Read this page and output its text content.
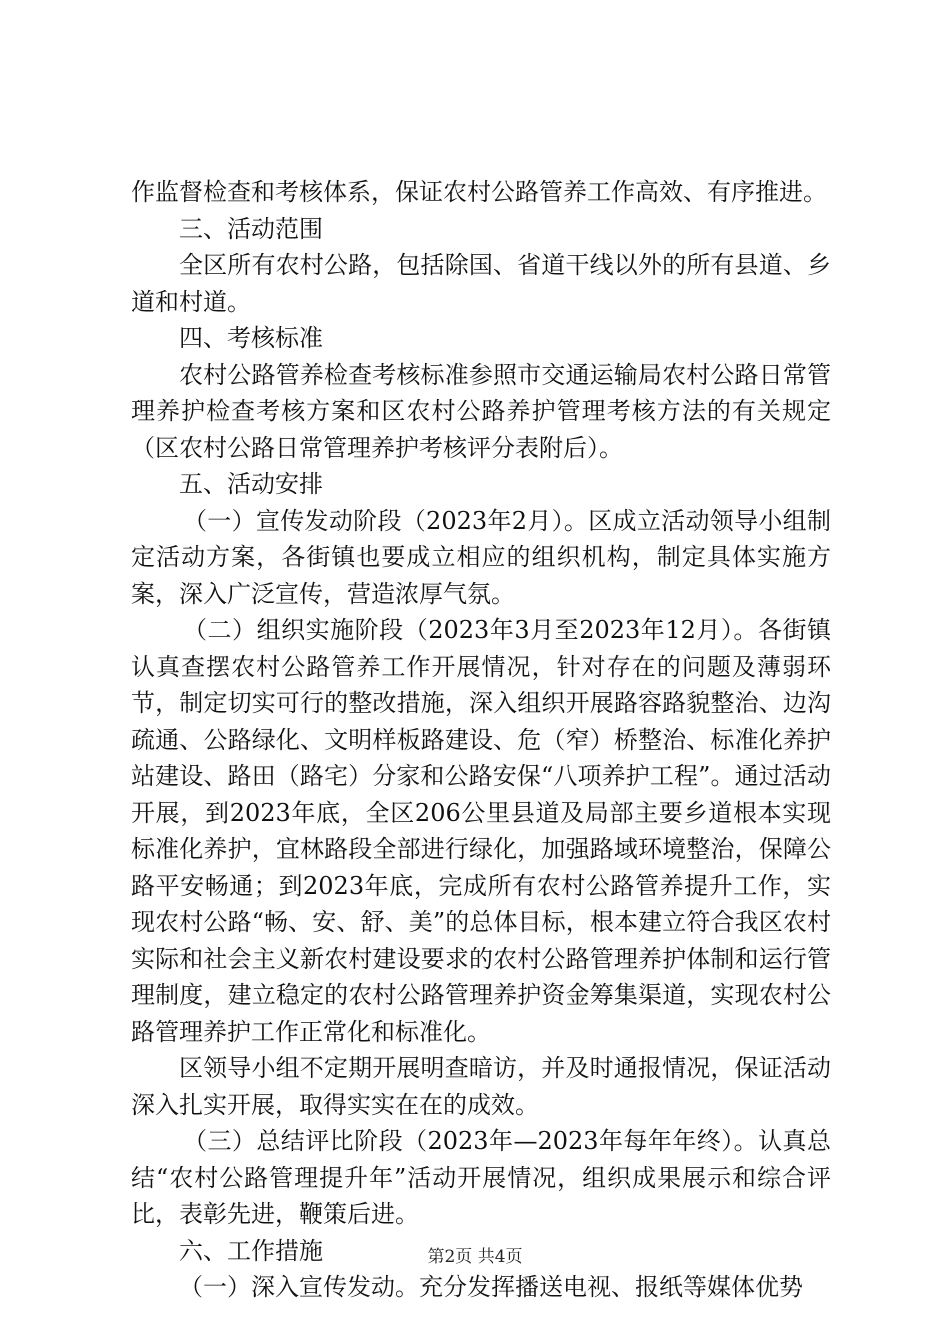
作监督检查和考核体系，保证农村公路管养工作高效、有序推进。

三、活动范围

全区所有农村公路，包括除国、省道干线以外的所有县道、乡道和村道。

四、考核标准

农村公路管养检查考核标准参照市交通运输局农村公路日常管理养护检查考核方案和区农村公路养护管理考核方法的有关规定（区农村公路日常管理养护考核评分表附后）。

五、活动安排

（一）宣传发动阶段（2023年2月）。区成立活动领导小组制定活动方案，各街镇也要成立相应的组织机构，制定具体实施方案，深入广泛宣传，营造浓厚气氛。

（二）组织实施阶段（2023年3月至2023年12月）。各街镇认真查摆农村公路管养工作开展情况，针对存在的问题及薄弱环节，制定切实可行的整改措施，深入组织开展路容路貌整治、边沟疏通、公路绿化、文明样板路建设、危（窄）桥整治、标准化养护站建设、路田（路宅）分家和公路安保“八项养护工程”。通过活动开展，到2023年底，全区206公里县道及局部主要乡道根本实现标准化养护，宜林路段全部进行绿化，加强路域环境整治，保障公路平安畅通；到2023年底，完成所有农村公路管养提升工作，实现农村公路“畅、安、舒、美”的总体目标，根本建立符合我区农村实际和社会主义新农村建设要求的农村公路管理养护体制和运行管理制度，建立稳定的农村公路管理养护资金筹集渠道，实现农村公路管理养护工作正常化和标准化。

区领导小组不定期开展明查暗访，并及时通报情况，保证活动深入扎实开展，取得实实在在的成效。

（三）总结评比阶段（2023年—2023年每年年终）。认真总结“农村公路管理提升年”活动开展情况，组织成果展示和综合评比，表彰先进，鞭策后进。

六、工作措施

（一）深入宣传发动。充分发挥播送电视、报纸等媒体优势

第2页 共4页
